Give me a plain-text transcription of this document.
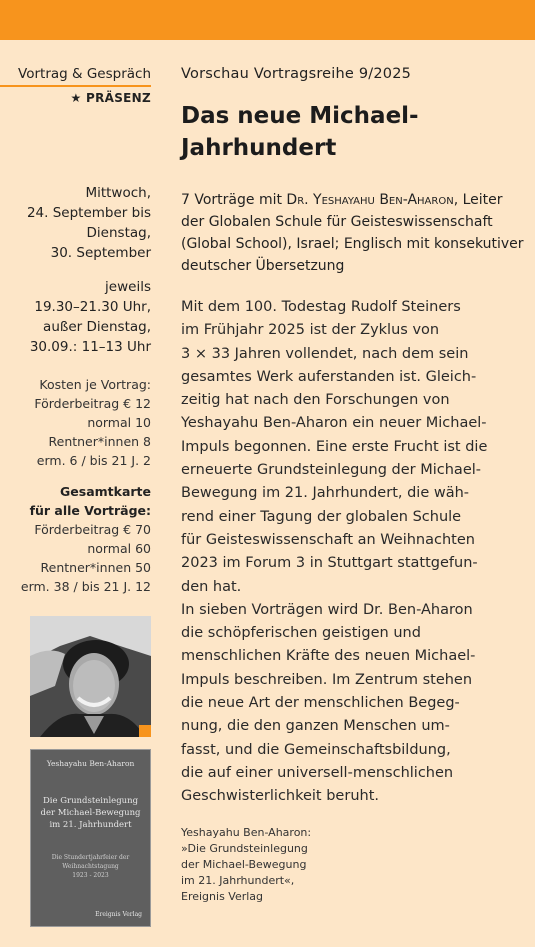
Vortrag & Gespräch
★ PRÄSENZ
Mittwoch,
24. September bis
Dienstag,
30. September
jeweils
19.30–21.30 Uhr,
außer Dienstag,
30.09.: 11–13 Uhr
Kosten je Vortrag:
Förderbeitrag € 12
normal 10
Rentner*innen 8
erm. 6 / bis 21 J. 2
Gesamtkarte
für alle Vorträge:
Förderbeitrag € 70
normal 60
Rentner*innen 50
erm. 38 / bis 21 J. 12
Yeshayahu Ben-Aharon
Die Grundsteinlegung
der Michael-Bewegung
im 21. Jahrhundert
Die Stundertjahrfeier der
Weihnachtstagung
1923 - 2023
Ereignis Verlag
Vorschau Vortragsreihe 9/2025
Das neue Michael-
Jahrhundert
7 Vorträge mit Dr. Yeshayahu Ben-Aharon, Leiter der Globalen Schule für Geisteswissenschaft (Global School), Israel; Englisch mit konsekutiver deutscher Übersetzung

Mit dem 100. Todestag Rudolf Steiners
im Frühjahr 2025 ist der Zyklus von
3 × 33 Jahren vollendet, nach dem sein
gesamtes Werk auferstanden ist. Gleich-
zeitig hat nach den Forschungen von
Yeshayahu Ben-Aharon ein neuer Michael-
Impuls begonnen. Eine erste Frucht ist die
erneuerte Grundsteinlegung der Michael-
Bewegung im 21. Jahrhundert, die wäh-
rend einer Tagung der globalen Schule
für Geisteswissenschaft an Weihnachten
2023 im Forum 3 in Stuttgart stattgefun-
den hat.

In sieben Vorträgen wird Dr. Ben-Aharon
die schöpferischen geistigen und
menschlichen Kräfte des neuen Michael-
Impuls beschreiben. Im Zentrum stehen
die neue Art der menschlichen Begeg-
nung, die den ganzen Menschen um-
fasst, und die Gemeinschaftsbildung,
die auf einer universell-menschlichen
Geschwisterlichkeit beruht.

Yeshayahu Ben-Aharon:
»Die Grundsteinlegung
der Michael-Bewegung
im 21. Jahrhundert«,
Ereignis Verlag
